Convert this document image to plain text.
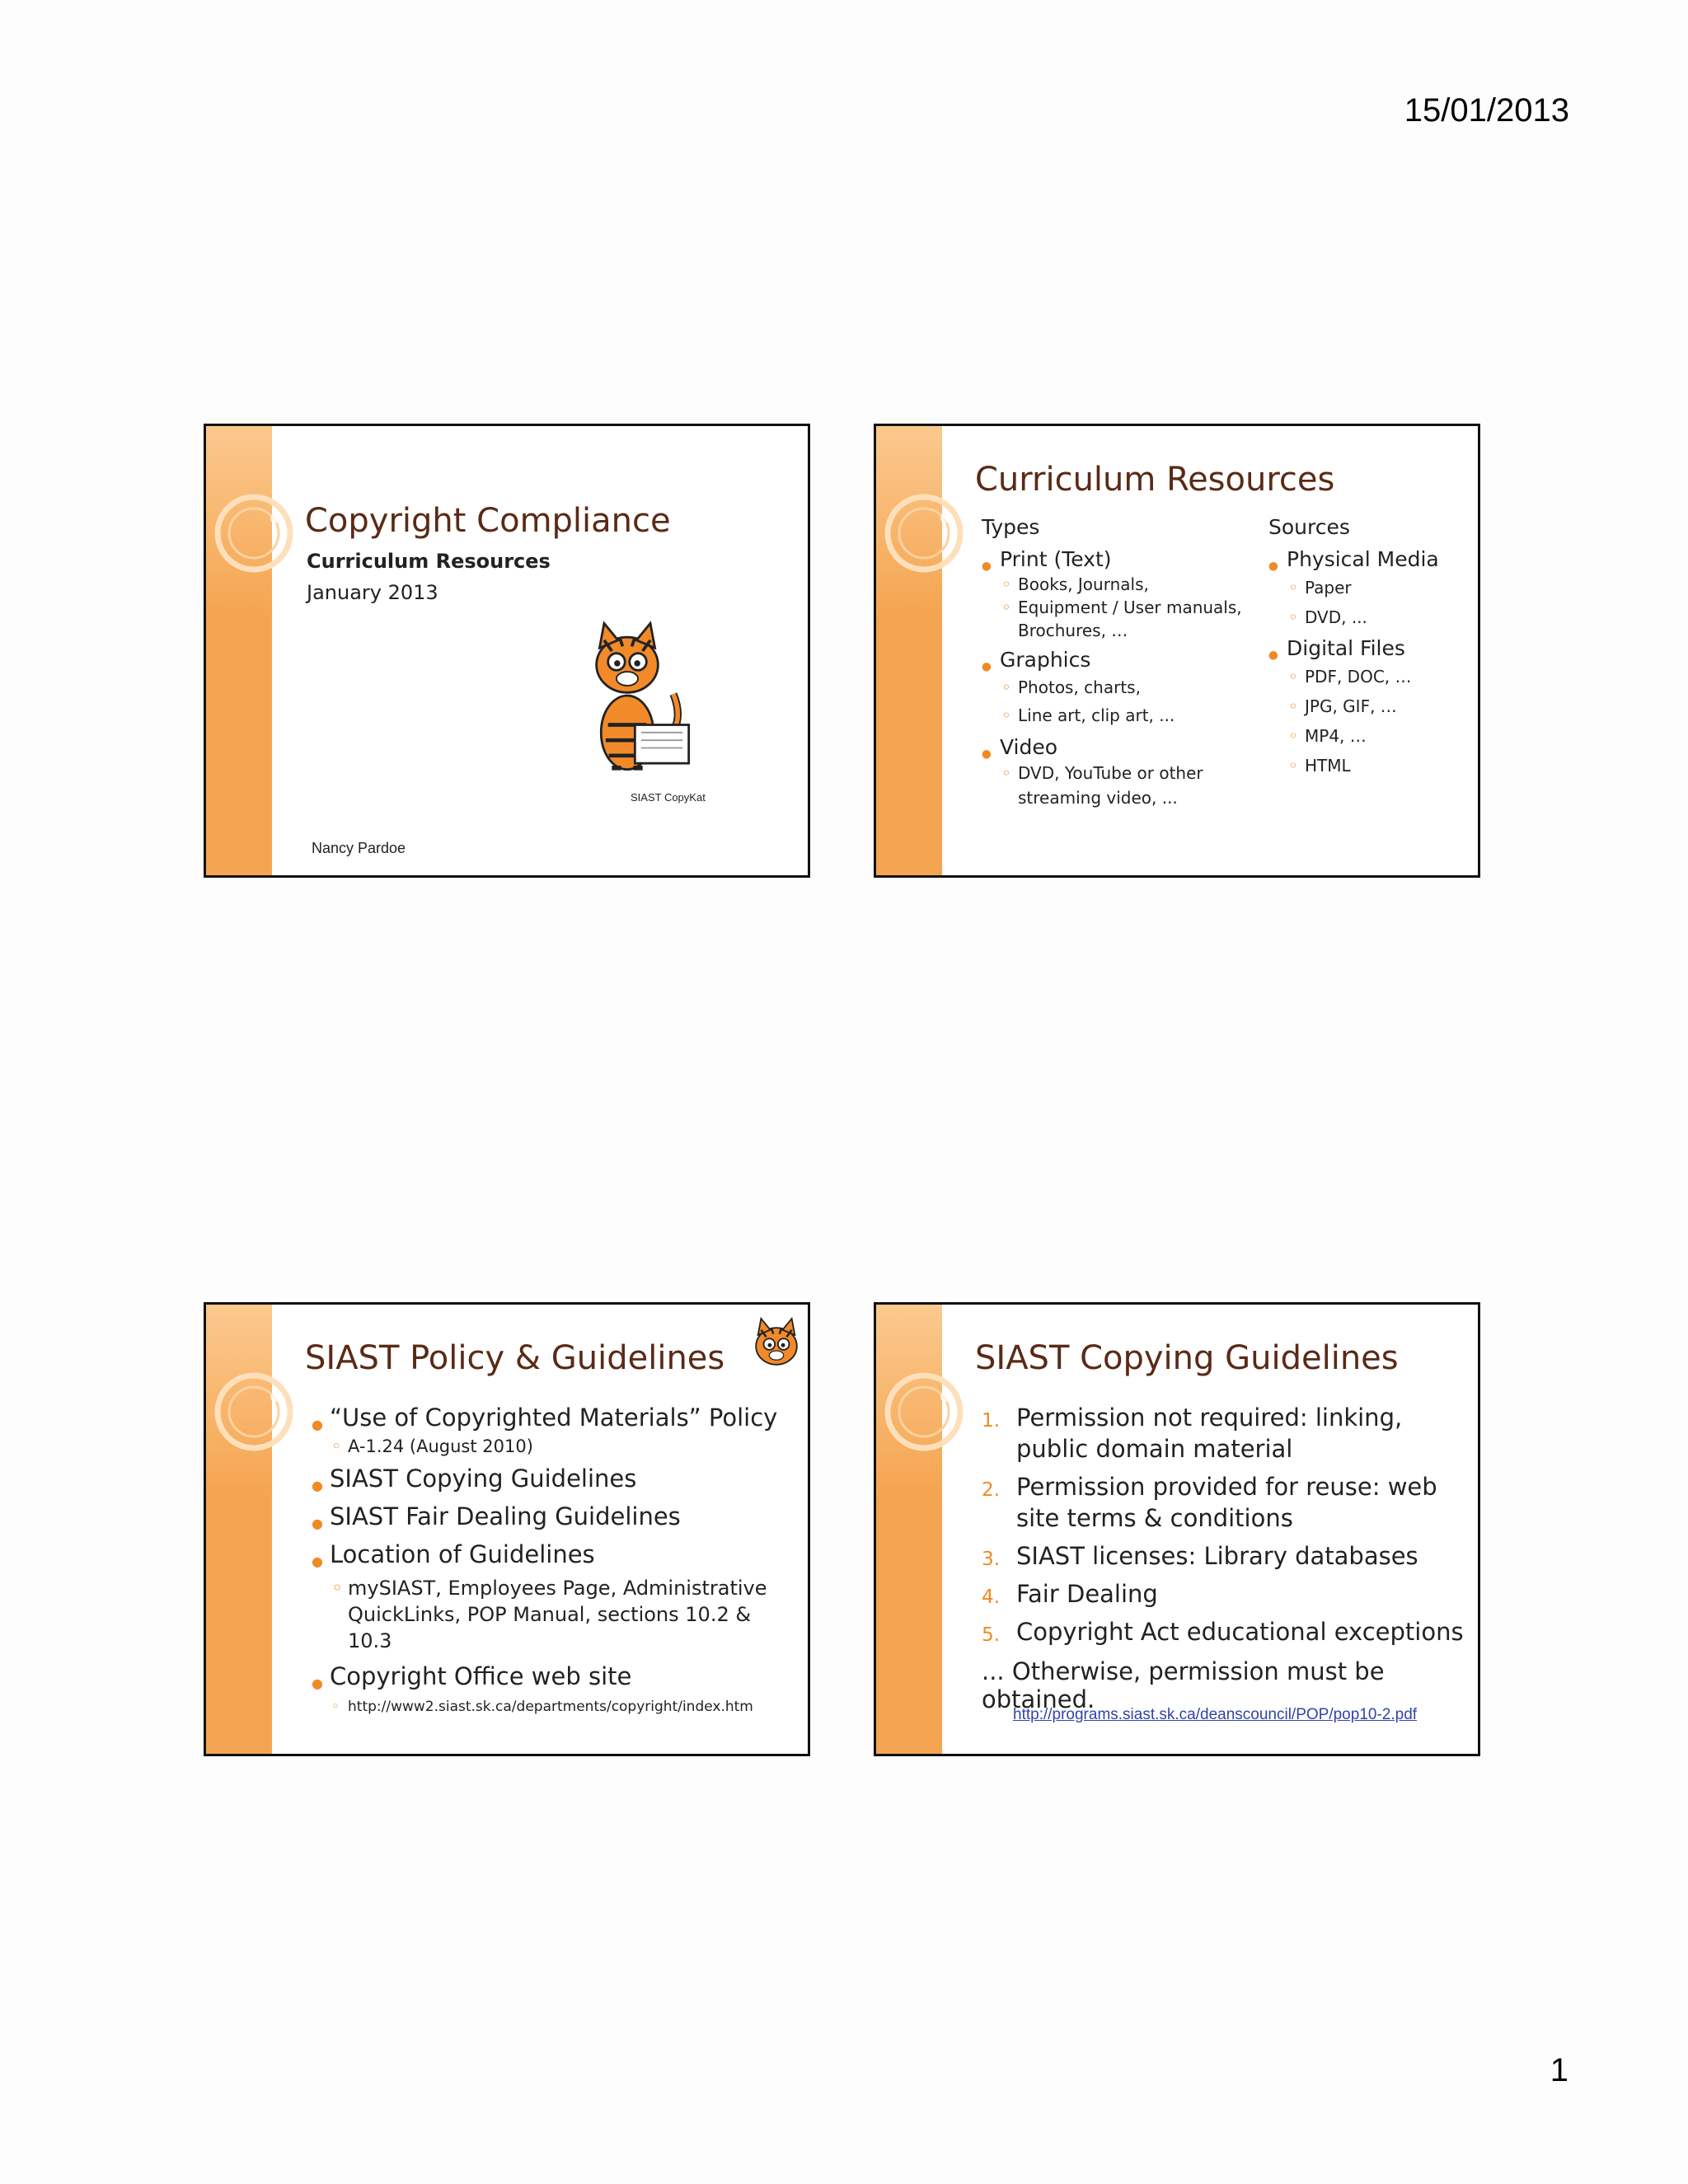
15/01/2013
Copyright Compliance
Curriculum Resources
January 2013
SIAST CopyKat
Nancy Pardoe
Curriculum Resources
Types	Sources
● Print (Text)
◦ Books, Journals,
◦ Equipment / User manuals, Brochures, …
● Graphics
◦ Photos, charts,
◦ Line art, clip art, ...
● Video
◦ DVD, YouTube or other streaming video, ...
● Physical Media
◦ Paper
◦ DVD, ...
● Digital Files
◦ PDF, DOC, …
◦ JPG, GIF, …
◦ MP4, …
◦ HTML
SIAST Policy & Guidelines
● “Use of Copyrighted Materials” Policy
◦ A-1.24 (August 2010)
● SIAST Copying Guidelines
● SIAST Fair Dealing Guidelines
● Location of Guidelines
◦ mySIAST, Employees Page, Administrative QuickLinks, POP Manual, sections 10.2 & 10.3
● Copyright Office web site
◦ http://www2.siast.sk.ca/departments/copyright/index.htm
SIAST Copying Guidelines
1. Permission not required: linking, public domain material
2. Permission provided for reuse: web site terms & conditions
3. SIAST licenses: Library databases
4. Fair Dealing
5. Copyright Act educational exceptions
... Otherwise, permission must be obtained.
http://programs.siast.sk.ca/deanscouncil/POP/pop10-2.pdf
1
